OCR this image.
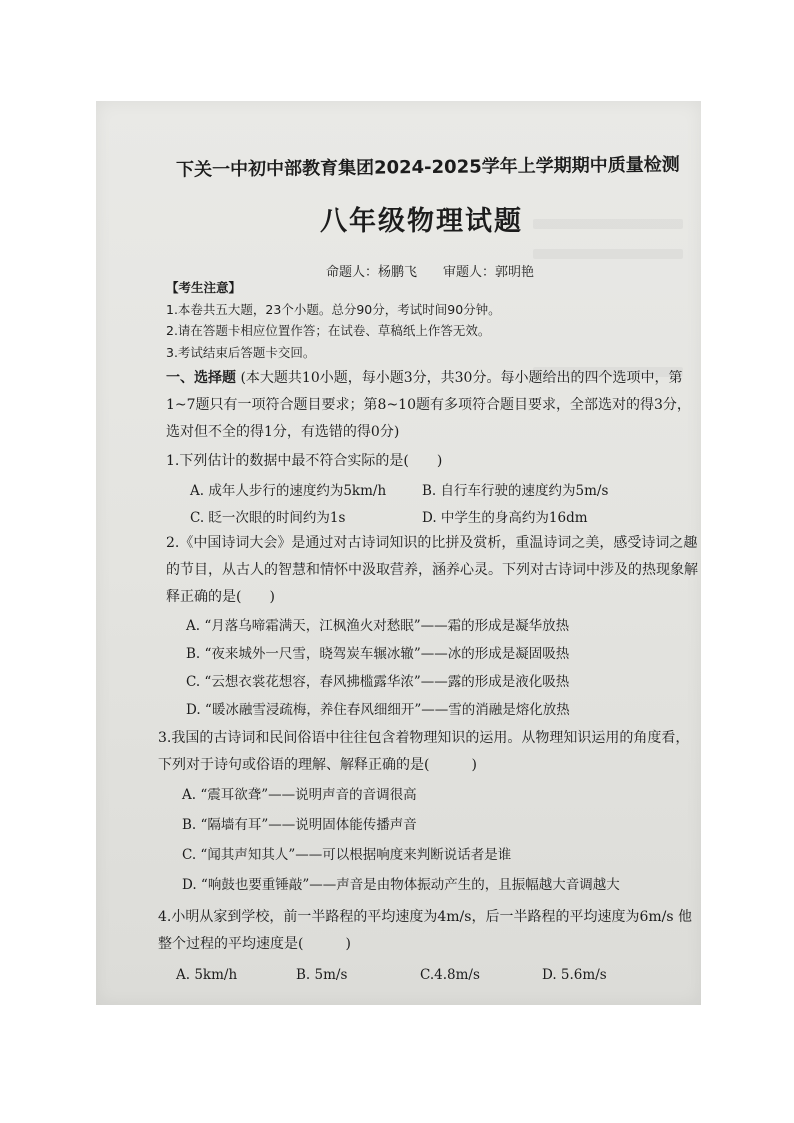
下关一中初中部教育集团2024-2025学年上学期期中质量检测
八年级物理试题
命题人：杨鹏飞 审题人：郭明艳
【考生注意】
1.本卷共五大题，23个小题。总分90分，考试时间90分钟。
2.请在答题卡相应位置作答；在试卷、草稿纸上作答无效。
3.考试结束后答题卡交回。
一、选择题 (本大题共10小题，每小题3分，共30分。每小题给出的四个选项中，第
1~7题只有一项符合题目要求；第8~10题有多项符合题目要求，全部选对的得3分，
选对但不全的得1分，有选错的得0分)
1.下列估计的数据中最不符合实际的是(　　)
A. 成年人步行的速度约为5km/h	B. 自行车行驶的速度约为5m/s
C. 眨一次眼的时间约为1s	D. 中学生的身高约为16dm
2.《中国诗词大会》是通过对古诗词知识的比拼及赏析，重温诗词之美，感受诗词之趣
的节目，从古人的智慧和情怀中汲取营养，涵养心灵。下列对古诗词中涉及的热现象解
释正确的是(　　)
A. “月落乌啼霜满天，江枫渔火对愁眠”——霜的形成是凝华放热
B. “夜来城外一尺雪，晓驾炭车辗冰辙”——冰的形成是凝固吸热
C. “云想衣裳花想容，春风拂槛露华浓”——露的形成是液化吸热
D. “暖冰融雪浸疏梅，养住春风细细开”——雪的消融是熔化放热
3.我国的古诗词和民间俗语中往往包含着物理知识的运用。从物理知识运用的角度看，
下列对于诗句或俗语的理解、解释正确的是(　　　)
A. “震耳欲聋”——说明声音的音调很高
B. “隔墙有耳”——说明固体能传播声音
C. “闻其声知其人”——可以根据响度来判断说话者是谁
D. “响鼓也要重锤敲”——声音是由物体振动产生的，且振幅越大音调越大
4.小明从家到学校，前一半路程的平均速度为4m/s，后一半路程的平均速度为6m/s 他
整个过程的平均速度是(　　　)
A. 5km/h	B. 5m/s	C.4.8m/s	D. 5.6m/s
